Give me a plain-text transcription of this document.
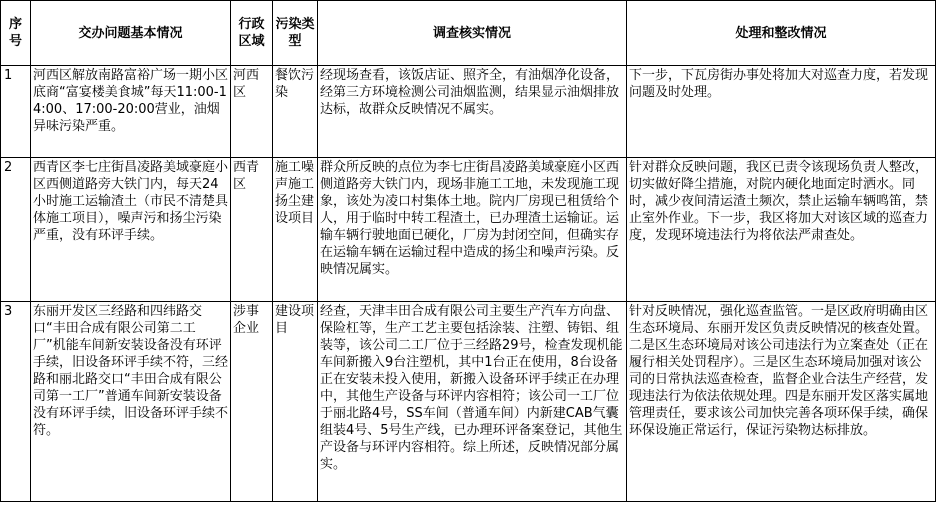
序号	交办问题基本情况	行政区域	污染类型	调查核实情况	处理和整改情况
1	河西区解放南路富裕广场一期小区底商“富宴楼美食城”每天11:00-14:00、17:00-20:00营业，油烟异味污染严重。	河西区	餐饮污染	经现场查看，该饭店证、照齐全，有油烟净化设备，经第三方环境检测公司油烟监测，结果显示油烟排放达标，故群众反映情况不属实。	下一步，下瓦房街办事处将加大对巡查力度，若发现问题及时处理。
2	西青区李七庄街昌凌路美域豪庭小区西侧道路旁大铁门内，每天24小时施工运输渣土（市民不清楚具体施工项目），噪声污和扬尘污染严重，没有环评手续。	西青区	施工噪声施工扬尘建设项目	群众所反映的点位为李七庄街昌凌路美域豪庭小区西侧道路旁大铁门内，现场非施工工地，未发现施工现象，该处为凌口村集体土地。院内厂房现已租赁给个人，用于临时中转工程渣土，已办理渣土运输证。运输车辆行驶地面已硬化，厂房为封闭空间，但确实存在运输车辆在运输过程中造成的扬尘和噪声污染。反映情况属实。	针对群众反映问题，我区已责令该现场负责人整改，切实做好降尘措施，对院内硬化地面定时洒水。同时，减少夜间清运渣土频次，禁止运输车辆鸣笛，禁止室外作业。下一步，我区将加大对该区域的巡查力度，发现环境违法行为将依法严肃查处。
3	东丽开发区三经路和四纬路交口“丰田合成有限公司第二工厂”机能车间新安装设备没有环评手续，旧设备环评手续不符，三经路和丽北路交口“丰田合成有限公司第一工厂”普通车间新安装设备没有环评手续，旧设备环评手续不符。	涉事企业	建设项目	经查，天津丰田合成有限公司主要生产汽车方向盘、保险杠等，生产工艺主要包括涂装、注塑、铸铝、组装等，该公司二工厂位于三经路29号，检查发现机能车间新搬入9台注塑机，其中1台正在使用，8台设备正在安装未投入使用，新搬入设备环评手续正在办理中，其他生产设备与环评内容相符；该公司一工厂位于丽北路4号，SS车间（普通车间）内新建CAB气囊组装4号、5号生产线，已办理环评备案登记，其他生产设备与环评内容相符。综上所述，反映情况部分属实。	针对反映情况，强化巡查监管。一是区政府明确由区生态环境局、东丽开发区负责反映情况的核查处置。二是区生态环境局对该公司违法行为立案查处（正在履行相关处罚程序）。三是区生态环境局加强对该公司的日常执法巡查检查，监督企业合法生产经营，发现违法行为依法依规处理。四是东丽开发区落实属地管理责任，要求该公司加快完善各项环保手续，确保环保设施正常运行，保证污染物达标排放。
